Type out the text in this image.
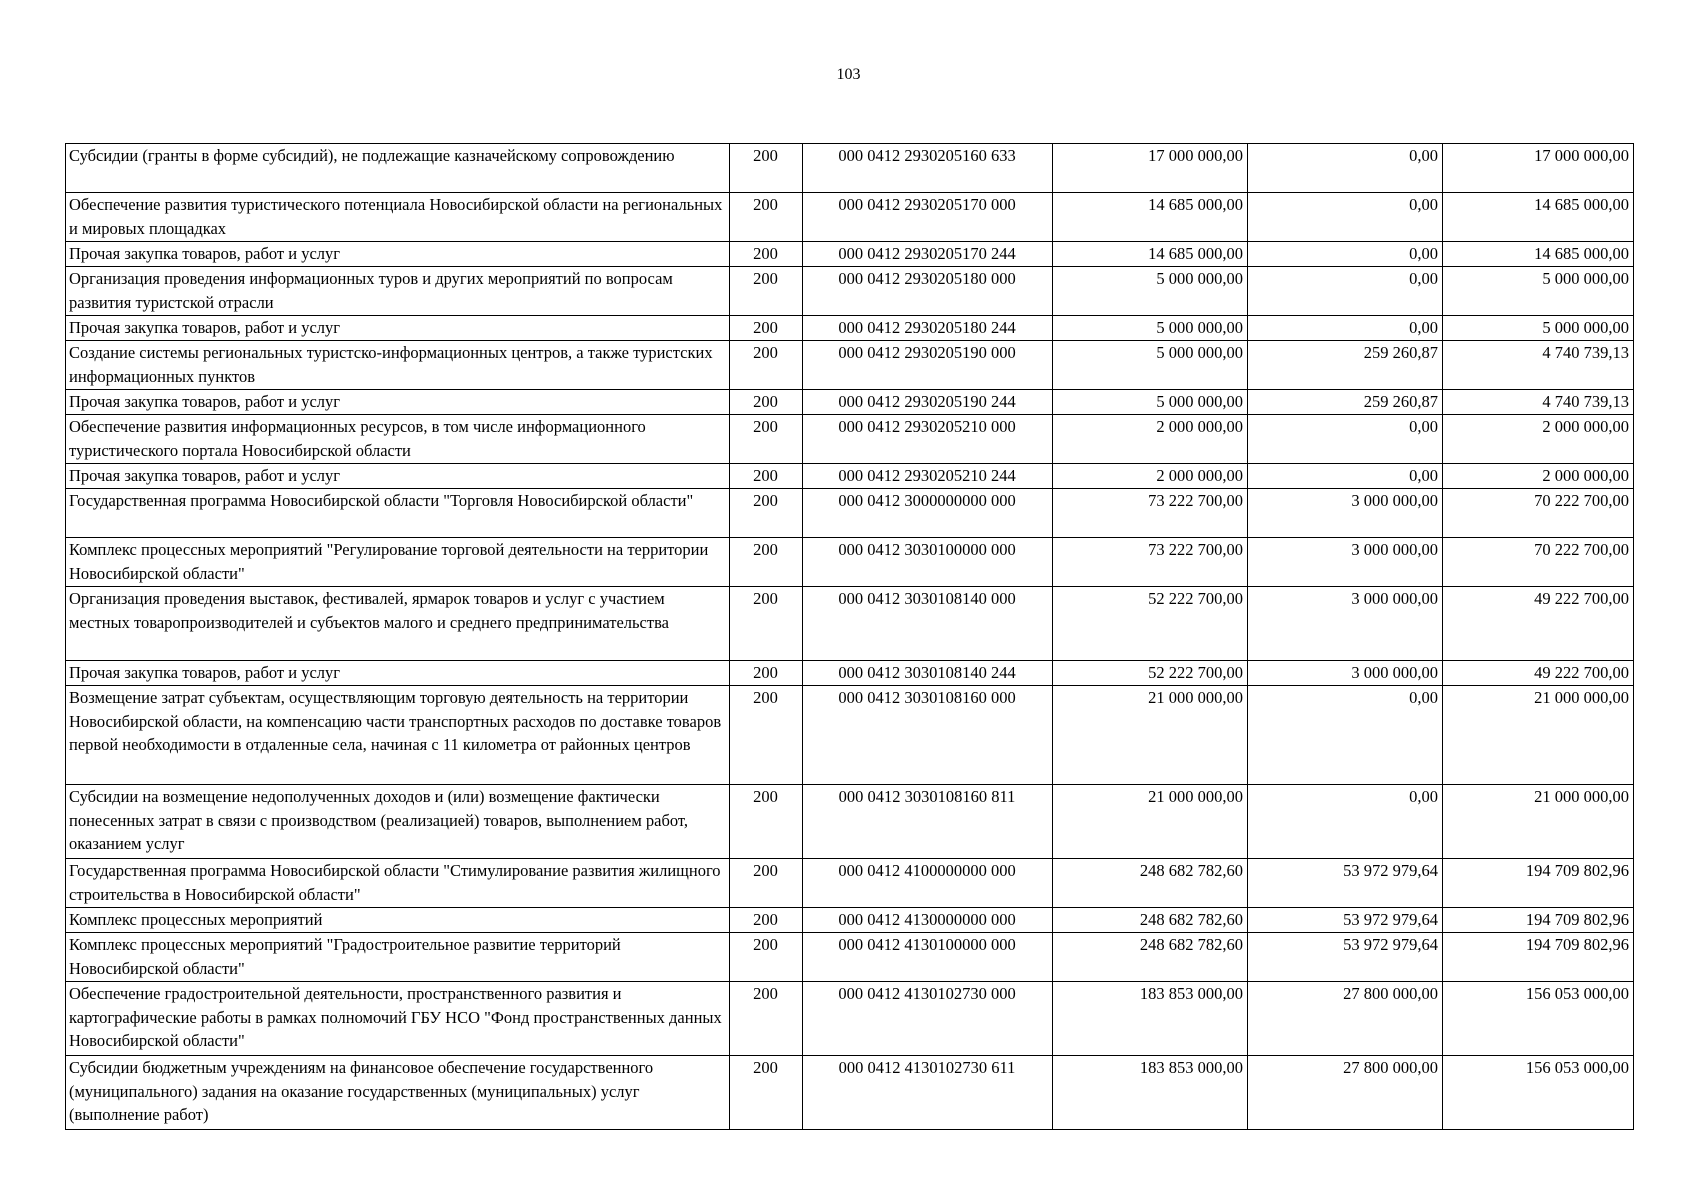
103
Субсидии (гранты в форме субсидий), не подлежащие казначейскому сопровождению	200	000 0412 2930205160 633	17 000 000,00	0,00	17 000 000,00
Обеспечение развития туристического потенциала Новосибирской области на региональных и мировых площадках	200	000 0412 2930205170 000	14 685 000,00	0,00	14 685 000,00
Прочая закупка товаров, работ и услуг	200	000 0412 2930205170 244	14 685 000,00	0,00	14 685 000,00
Организация проведения информационных туров и других мероприятий по вопросам развития туристской отрасли	200	000 0412 2930205180 000	5 000 000,00	0,00	5 000 000,00
Прочая закупка товаров, работ и услуг	200	000 0412 2930205180 244	5 000 000,00	0,00	5 000 000,00
Создание системы региональных туристско-информационных центров, а также туристских информационных пунктов	200	000 0412 2930205190 000	5 000 000,00	259 260,87	4 740 739,13
Прочая закупка товаров, работ и услуг	200	000 0412 2930205190 244	5 000 000,00	259 260,87	4 740 739,13
Обеспечение развития информационных ресурсов, в том числе информационного туристического портала Новосибирской области	200	000 0412 2930205210 000	2 000 000,00	0,00	2 000 000,00
Прочая закупка товаров, работ и услуг	200	000 0412 2930205210 244	2 000 000,00	0,00	2 000 000,00
Государственная программа Новосибирской области "Торговля Новосибирской области"	200	000 0412 3000000000 000	73 222 700,00	3 000 000,00	70 222 700,00
Комплекс процессных мероприятий "Регулирование торговой деятельности на территории Новосибирской области"	200	000 0412 3030100000 000	73 222 700,00	3 000 000,00	70 222 700,00
Организация проведения выставок, фестивалей, ярмарок товаров и услуг с участием местных товаропроизводителей и субъектов малого и среднего предпринимательства	200	000 0412 3030108140 000	52 222 700,00	3 000 000,00	49 222 700,00
Прочая закупка товаров, работ и услуг	200	000 0412 3030108140 244	52 222 700,00	3 000 000,00	49 222 700,00
Возмещение затрат субъектам, осуществляющим торговую деятельность на территории Новосибирской области, на компенсацию части транспортных расходов по доставке товаров первой необходимости в отдаленные села, начиная с 11 километра от районных центров	200	000 0412 3030108160 000	21 000 000,00	0,00	21 000 000,00
Субсидии на возмещение недополученных доходов и (или) возмещение фактически понесенных затрат в связи с производством (реализацией) товаров, выполнением работ, оказанием услуг	200	000 0412 3030108160 811	21 000 000,00	0,00	21 000 000,00
Государственная программа Новосибирской области "Стимулирование развития жилищного строительства в Новосибирской области"	200	000 0412 4100000000 000	248 682 782,60	53 972 979,64	194 709 802,96
Комплекс процессных мероприятий	200	000 0412 4130000000 000	248 682 782,60	53 972 979,64	194 709 802,96
Комплекс процессных мероприятий "Градостроительное развитие территорий Новосибирской области"	200	000 0412 4130100000 000	248 682 782,60	53 972 979,64	194 709 802,96
Обеспечение градостроительной деятельности, пространственного развития и картографические работы в рамках полномочий ГБУ НСО "Фонд пространственных данных Новосибирской области"	200	000 0412 4130102730 000	183 853 000,00	27 800 000,00	156 053 000,00
Субсидии бюджетным учреждениям на финансовое обеспечение государственного (муниципального) задания на оказание государственных (муниципальных) услуг (выполнение работ)	200	000 0412 4130102730 611	183 853 000,00	27 800 000,00	156 053 000,00
